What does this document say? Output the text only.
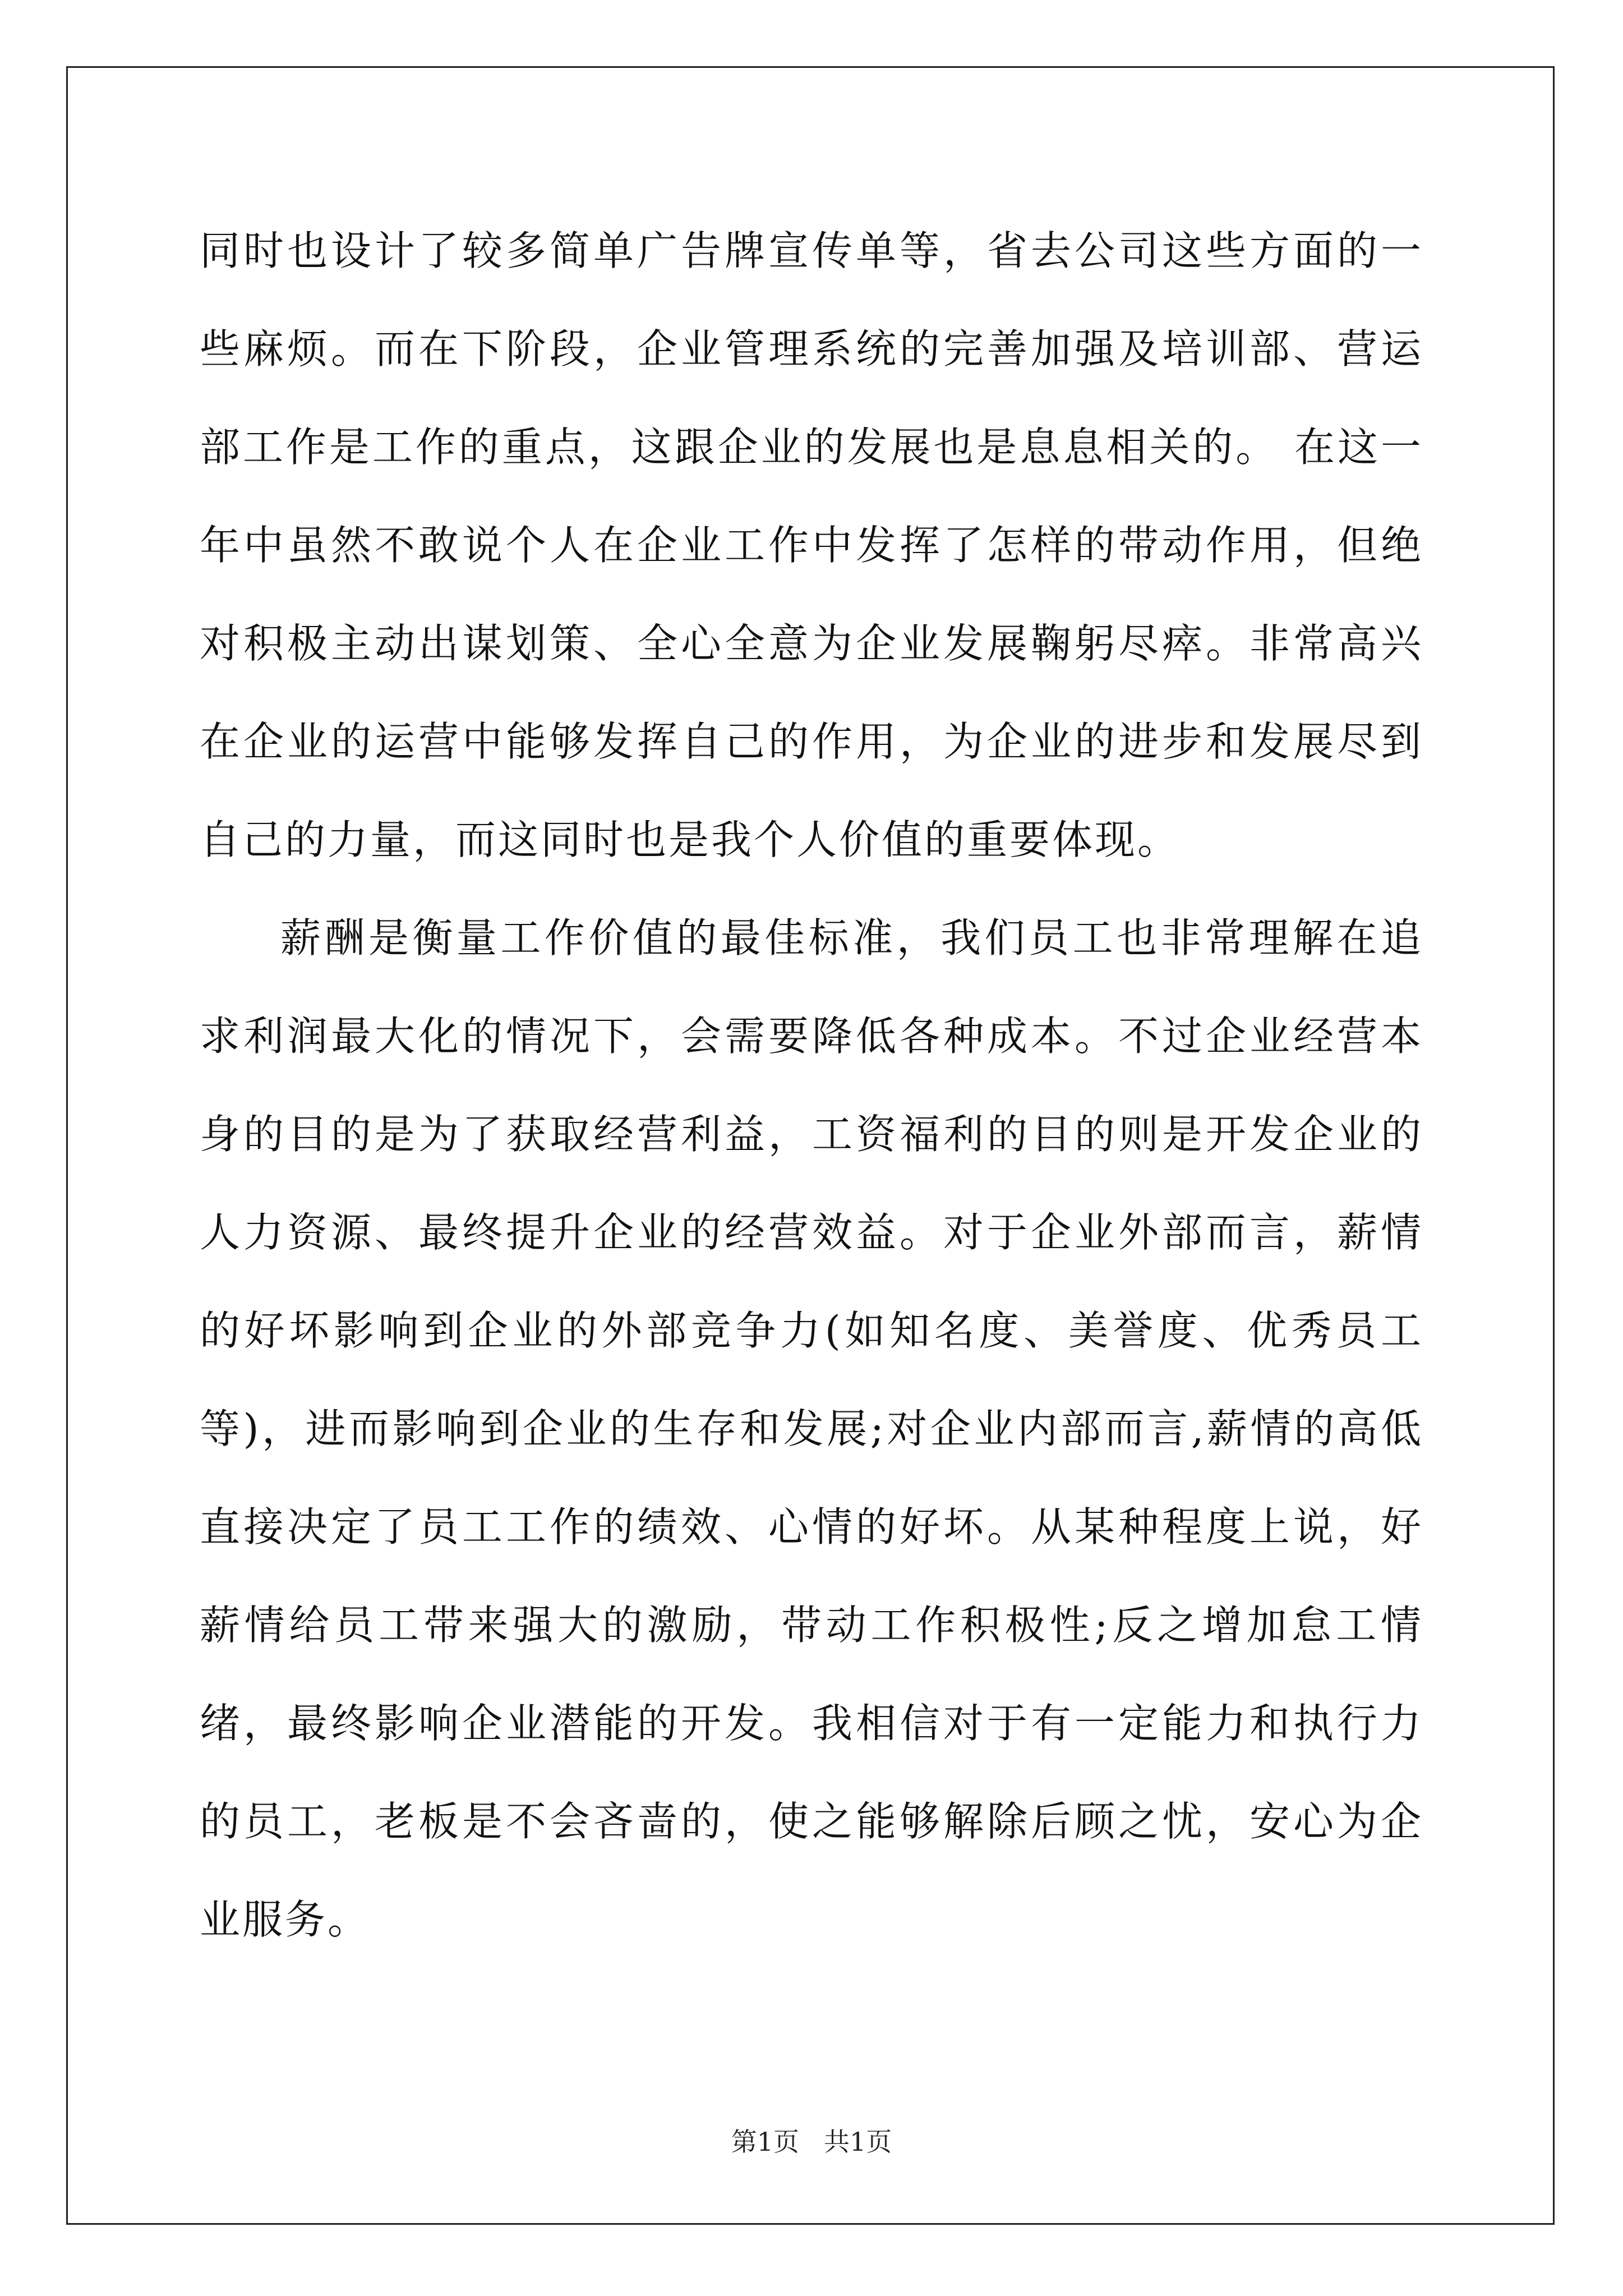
同时也设计了较多简单广告牌宣传单等，省去公司这些方面的一些麻烦。而在下阶段，企业管理系统的完善加强及培训部、营运部工作是工作的重点，这跟企业的发展也是息息相关的。 在这一年中虽然不敢说个人在企业工作中发挥了怎样的带动作用，但绝对积极主动出谋划策、全心全意为企业发展鞠躬尽瘁。非常高兴在企业的运营中能够发挥自己的作用，为企业的进步和发展尽到自己的力量，而这同时也是我个人价值的重要体现。

薪酬是衡量工作价值的最佳标准，我们员工也非常理解在追求利润最大化的情况下，会需要降低各种成本。不过企业经营本身的目的是为了获取经营利益，工资福利的目的则是开发企业的人力资源、最终提升企业的经营效益。对于企业外部而言，薪情的好坏影响到企业的外部竞争力(如知名度、美誉度、优秀员工等)，进而影响到企业的生存和发展;对企业内部而言,薪情的高低直接决定了员工工作的绩效、心情的好坏。从某种程度上说，好薪情给员工带来强大的激励，带动工作积极性;反之增加怠工情绪，最终影响企业潜能的开发。我相信对于有一定能力和执行力的员工，老板是不会吝啬的，使之能够解除后顾之忧，安心为企业服务。

第1页 共1页
